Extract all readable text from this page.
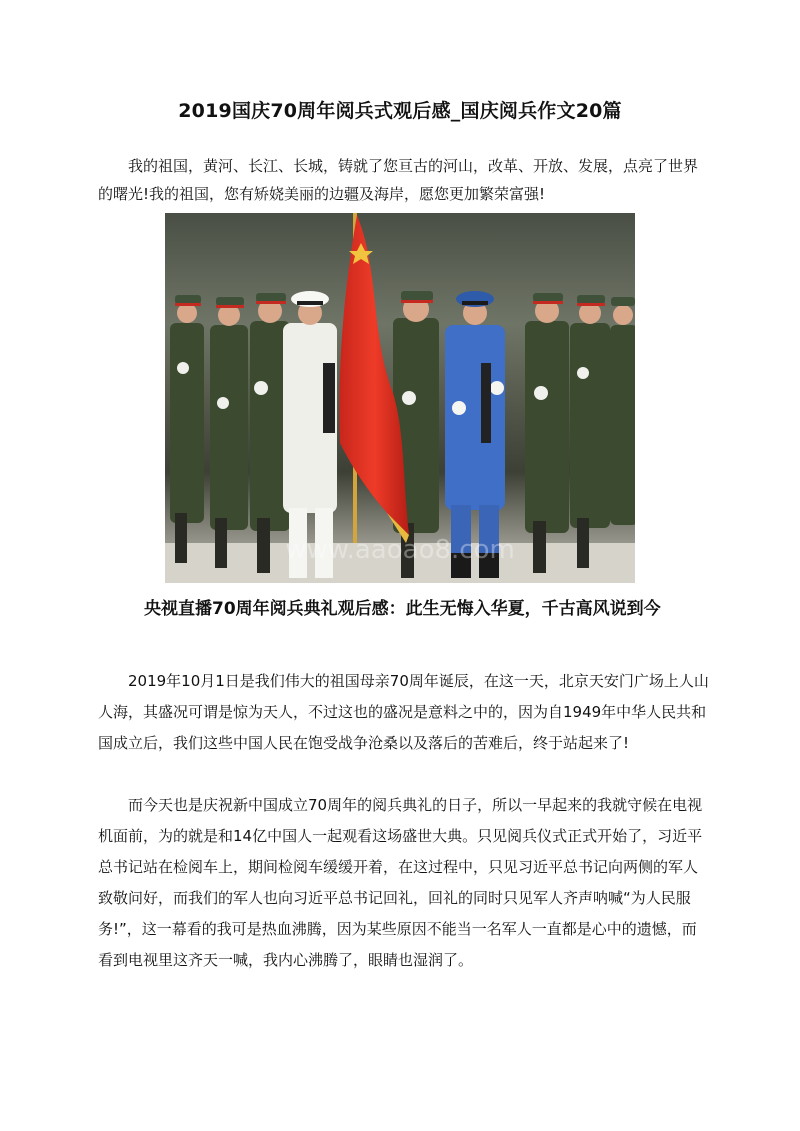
2019国庆70周年阅兵式观后感_国庆阅兵作文20篇

我的祖国，黄河、长江、长城，铸就了您亘古的河山，改革、开放、发展，点亮了世界的曙光!我的祖国，您有矫娆美丽的边疆及海岸，愿您更加繁荣富强!

www.aaoao8.com

央视直播70周年阅兵典礼观后感：此生无悔入华夏，千古高风说到今

2019年10月1日是我们伟大的祖国母亲70周年诞辰，在这一天，北京天安门广场上人山人海，其盛况可谓是惊为天人，不过这也的盛况是意料之中的，因为自1949年中华人民共和国成立后，我们这些中国人民在饱受战争沧桑以及落后的苦难后，终于站起来了!

而今天也是庆祝新中国成立70周年的阅兵典礼的日子，所以一早起来的我就守候在电视机面前，为的就是和14亿中国人一起观看这场盛世大典。只见阅兵仪式正式开始了，习近平总书记站在检阅车上，期间检阅车缓缓开着，在这过程中，只见习近平总书记向两侧的军人致敬问好，而我们的军人也向习近平总书记回礼，回礼的同时只见军人齐声呐喊“为人民服务!”，这一幕看的我可是热血沸腾，因为某些原因不能当一名军人一直都是心中的遗憾，而看到电视里这齐天一喊，我内心沸腾了，眼睛也湿润了。
